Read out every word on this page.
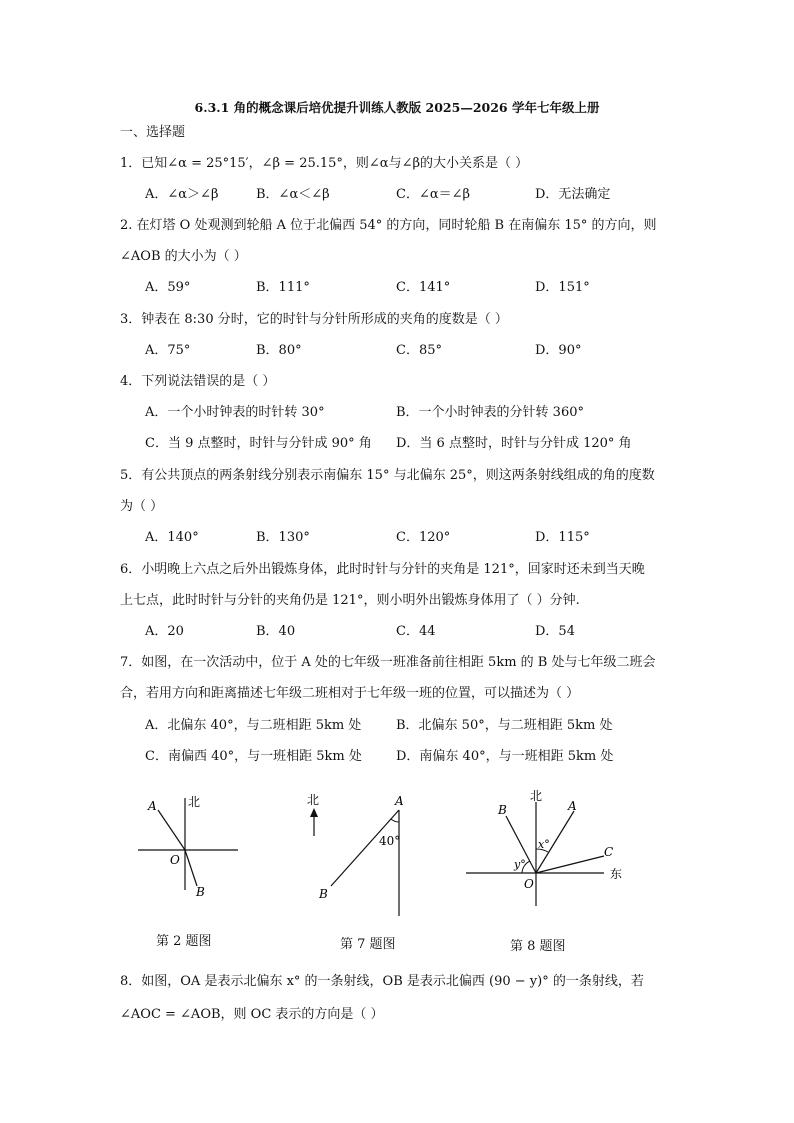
6.3.1 角的概念课后培优提升训练人教版 2025—2026 学年七年级上册
一、选择题
1．已知∠α = 25°15′，∠β = 25.15°，则∠α与∠β的大小关系是（ ）
A．∠α＞∠β	B．∠α＜∠β	C．∠α＝∠β	D．无法确定
2. 在灯塔 O 处观测到轮船 A 位于北偏西 54° 的方向，同时轮船 B 在南偏东 15° 的方向，则
∠AOB 的大小为（ ）
A．59°	B．111°	C．141°	D．151°
3．钟表在 8:30 分时，它的时针与分针所形成的夹角的度数是（ ）
A．75°	B．80°	C．85°	D．90°
4．下列说法错误的是（ ）
A．一个小时钟表的时针转 30°	B．一个小时钟表的分针转 360°
C．当 9 点整时，时针与分针成 90° 角 D．当 6 点整时，时针与分针成 120° 角
5．有公共顶点的两条射线分别表示南偏东 15° 与北偏东 25°，则这两条射线组成的角的度数
为（ ）
A．140°	B．130°	C．120°	D．115°
6．小明晚上六点之后外出锻炼身体，此时时针与分针的夹角是 121°，回家时还未到当天晚
上七点，此时时针与分针的夹角仍是 121°，则小明外出锻炼身体用了（ ）分钟.
A．20	B．40	C．44	D．54
7．如图，在一次活动中，位于 A 处的七年级一班准备前往相距 5km 的 B 处与七年级二班会
合，若用方向和距离描述七年级二班相对于七年级一班的位置，可以描述为（ ）
A．北偏东 40°，与二班相距 5km 处	B．北偏东 50°，与二班相距 5km 处
C．南偏西 40°，与一班相距 5km 处	D．南偏东 40°，与一班相距 5km 处
北
A
O
B
第 2 题图
北	A
B
40°
第 7 题图
北
东
A
B
C
O
x°
y°
第 8 题图
8．如图，OA 是表示北偏东 x° 的一条射线，OB 是表示北偏西 (90 − y)° 的一条射线，若
∠AOC = ∠AOB，则 OC 表示的方向是（ ）
